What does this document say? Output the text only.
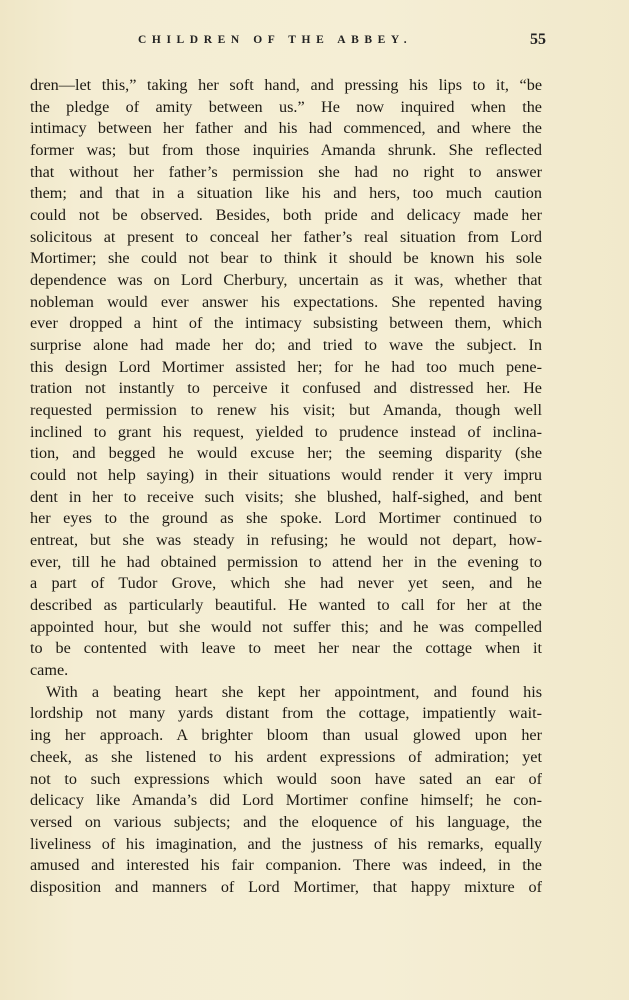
CHILDREN OF THE ABBEY.	55
dren—let this,” taking her soft hand, and pressing his lips to it, “be
the pledge of amity between us.” He now inquired when the
intimacy between her father and his had commenced, and where the
former was; but from those inquiries Amanda shrunk. She reflected
that without her father’s permission she had no right to answer
them; and that in a situation like his and hers, too much caution
could not be observed. Besides, both pride and delicacy made her
solicitous at present to conceal her father’s real situation from Lord
Mortimer; she could not bear to think it should be known his sole
dependence was on Lord Cherbury, uncertain as it was, whether that
nobleman would ever answer his expectations. She repented having
ever dropped a hint of the intimacy subsisting between them, which
surprise alone had made her do; and tried to wave the subject. In
this design Lord Mortimer assisted her; for he had too much pene-
tration not instantly to perceive it confused and distressed her. He
requested permission to renew his visit; but Amanda, though well
inclined to grant his request, yielded to prudence instead of inclina-
tion, and begged he would excuse her; the seeming disparity (she
could not help saying) in their situations would render it very impru
dent in her to receive such visits; she blushed, half-sighed, and bent
her eyes to the ground as she spoke. Lord Mortimer continued to
entreat, but she was steady in refusing; he would not depart, how-
ever, till he had obtained permission to attend her in the evening to
a part of Tudor Grove, which she had never yet seen, and he
described as particularly beautiful. He wanted to call for her at the
appointed hour, but she would not suffer this; and he was compelled
to be contented with leave to meet her near the cottage when it
came.
With a beating heart she kept her appointment, and found his
lordship not many yards distant from the cottage, impatiently wait-
ing her approach. A brighter bloom than usual glowed upon her
cheek, as she listened to his ardent expressions of admiration; yet
not to such expressions which would soon have sated an ear of
delicacy like Amanda’s did Lord Mortimer confine himself; he con-
versed on various subjects; and the eloquence of his language, the
liveliness of his imagination, and the justness of his remarks, equally
amused and interested his fair companion. There was indeed, in the
disposition and manners of Lord Mortimer, that happy mixture of
